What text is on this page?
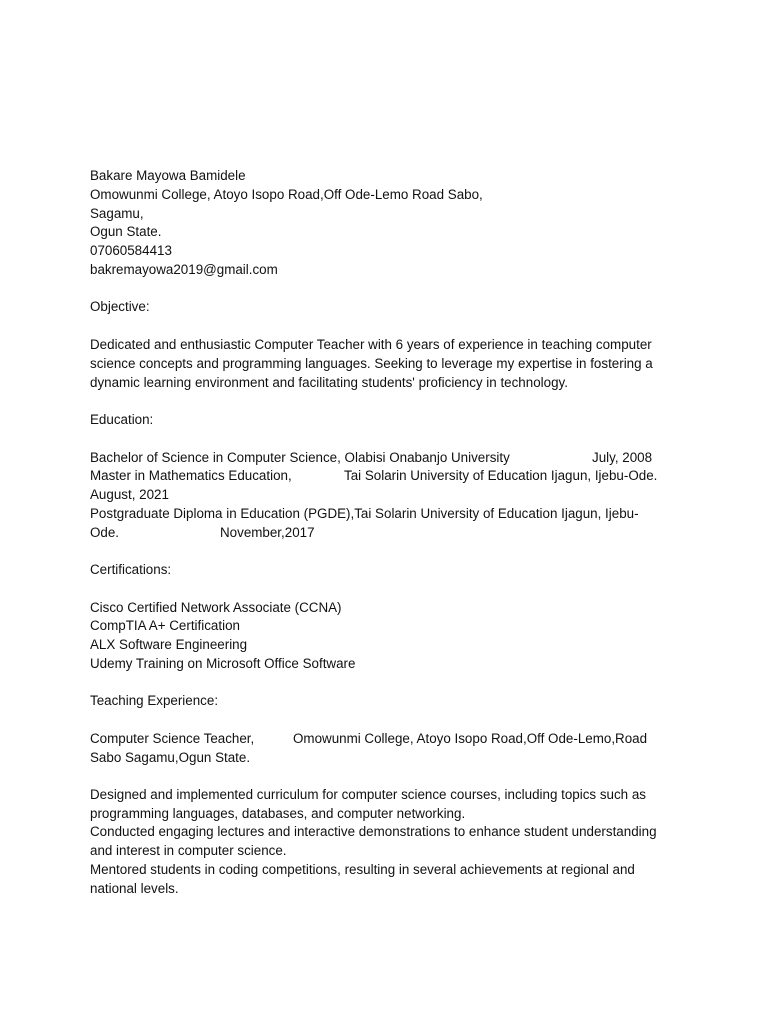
Bakare Mayowa Bamidele
Omowunmi College, Atoyo Isopo Road,Off Ode-Lemo Road Sabo,
Sagamu,
Ogun State.
07060584413
bakremayowa2019@gmail.com
Objective:
Dedicated and enthusiastic Computer Teacher with 6 years of experience in teaching computer
science concepts and programming languages. Seeking to leverage my expertise in fostering a
dynamic learning environment and facilitating students' proficiency in technology.
Education:
Bachelor of Science in Computer Science, Olabisi Onabanjo University	July, 2008
Master in Mathematics Education,	Tai Solarin University of Education Ijagun, Ijebu-Ode.
August, 2021
Postgraduate Diploma in Education (PGDE),Tai Solarin University of Education Ijagun, Ijebu-
Ode.	November,2017
Certifications:
Cisco Certified Network Associate (CCNA)
CompTIA A+ Certification
ALX Software Engineering
Udemy Training on Microsoft Office Software
Teaching Experience:
Computer Science Teacher,	Omowunmi College, Atoyo Isopo Road,Off Ode-Lemo,Road
Sabo Sagamu,Ogun State.
Designed and implemented curriculum for computer science courses, including topics such as
programming languages, databases, and computer networking.
Conducted engaging lectures and interactive demonstrations to enhance student understanding
and interest in computer science.
Mentored students in coding competitions, resulting in several achievements at regional and
national levels.
